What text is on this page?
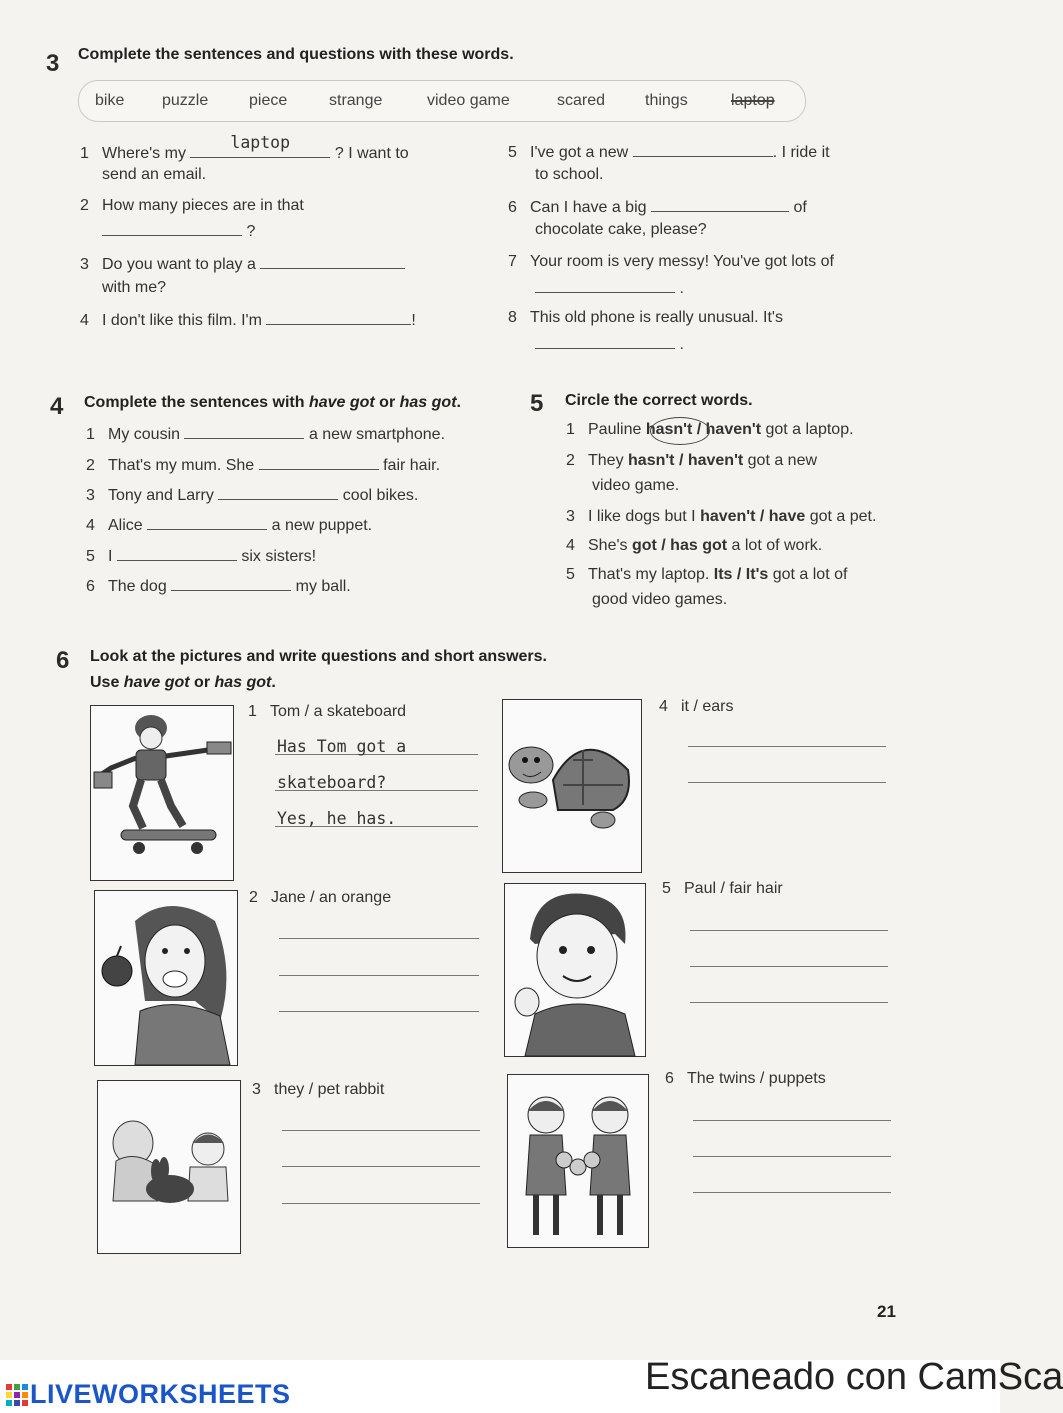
3 Complete the sentences and questions with these words.
bike puzzle	piece	strange	video game	scared things	laptop
1 Where's my
laptop
? I want to
send an email.
2 How many pieces are in that
?
3 Do you want to play a
with me?
4 I don't like this film. I'm	!
5 I've got a new	. I ride it
to school.
6 Can I have a big	of
chocolate cake, please?
7 Your room is very messy! You've got lots of
.
8 This old phone is really unusual. It's
.
4 Complete the sentences with have got or has got.
1 My cousin	a new smartphone.
2 That's my mum. She	fair hair.
3 Tony and Larry	cool bikes.
4 Alice	a new puppet.
5 I	six sisters!
6 The dog	my ball.
5 Circle the correct words.
1 Pauline hasn't / haven't got a laptop.
2 They hasn't / haven't got a new
video game.
3 I like dogs but I haven't / have got a pet.
4 She's got / has got a lot of work.
5 That's my laptop. Its / It's got a lot of
good video games.
6 Look at the pictures and write questions and short answers.
Use have got or has got.
1 Tom / a skateboard
Has Tom got a
skateboard?
Yes, he has.
2 Jane / an orange
3 they / pet rabbit
4 it / ears
5 Paul / fair hair
6 The twins / puppets
21
LIVEWORKSHEETS	Escaneado con CamSca
